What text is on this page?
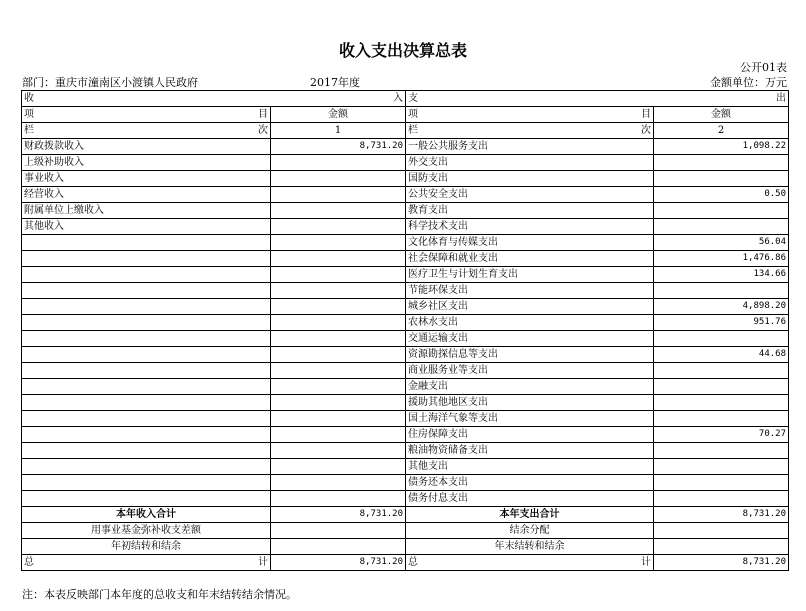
收入支出决算总表
公开01表
部门：重庆市潼南区小渡镇人民政府	2017年度	金额单位：万元
收 入		支 出	

项 目	金额	项 目	金额

栏 次	1	栏 次	2
财政拨款收入	8,731.20	一般公共服务支出	1,098.22
上级补助收入		外交支出	
事业收入		国防支出	
经营收入		公共安全支出	0.50
附属单位上缴收入		教育支出	
其他收入		科学技术支出	
		文化体育与传媒支出	56.04
		社会保障和就业支出	1,476.86
		医疗卫生与计划生育支出	134.66
		节能环保支出	
		城乡社区支出	4,898.20
		农林水支出	951.76
		交通运输支出	
		资源勘探信息等支出	44.68
		商业服务业等支出	
		金融支出	
		援助其他地区支出	
		国土海洋气象等支出	
		住房保障支出	70.27
		粮油物资储备支出	
		其他支出	
		债务还本支出	
		债务付息支出	
本年收入合计	8,731.20	本年支出合计	8,731.20
用事业基金弥补收支差额		结余分配	
年初结转和结余		年末结转和结余	

总 计	8,731.20	总 计	8,731.20
注：本表反映部门本年度的总收支和年末结转结余情况。
